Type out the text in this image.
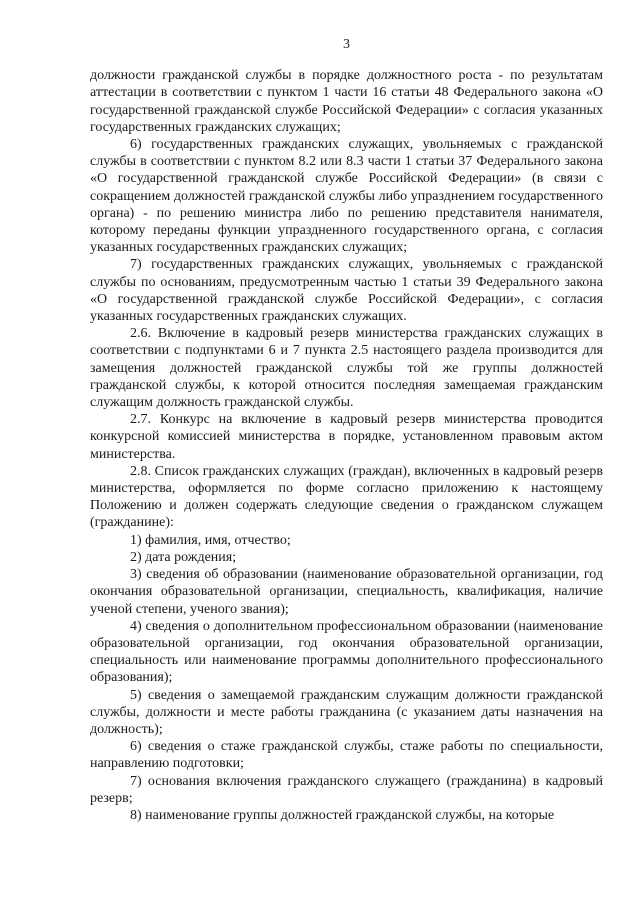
3

должности гражданской службы в порядке должностного роста - по результатам аттестации в соответствии с пунктом 1 части 16 статьи 48 Федерального закона «О государственной гражданской службе Российской Федерации» с согласия указанных государственных гражданских служащих;

6) государственных гражданских служащих, увольняемых с гражданской службы в соответствии с пунктом 8.2 или 8.3 части 1 статьи 37 Федерального закона «О государственной гражданской службе Российской Федерации» (в связи с сокращением должностей гражданской службы либо упразднением государственного органа) - по решению министра либо по решению представителя нанимателя, которому переданы функции упраздненного государственного органа, с согласия указанных государственных гражданских служащих;

7) государственных гражданских служащих, увольняемых с гражданской службы по основаниям, предусмотренным частью 1 статьи 39 Федерального закона «О государственной гражданской службе Российской Федерации», с согласия указанных государственных гражданских служащих.

2.6. Включение в кадровый резерв министерства гражданских служащих в соответствии с подпунктами 6 и 7 пункта 2.5 настоящего раздела производится для замещения должностей гражданской службы той же группы должностей гражданской службы, к которой относится последняя замещаемая гражданским служащим должность гражданской службы.

2.7. Конкурс на включение в кадровый резерв министерства проводится конкурсной комиссией министерства в порядке, установленном правовым актом министерства.

2.8. Список гражданских служащих (граждан), включенных в кадровый резерв министерства, оформляется по форме согласно приложению к настоящему Положению и должен содержать следующие сведения о гражданском служащем (гражданине):

1) фамилия, имя, отчество;

2) дата рождения;

3) сведения об образовании (наименование образовательной организации, год окончания образовательной организации, специальность, квалификация, наличие ученой степени, ученого звания);

4) сведения о дополнительном профессиональном образовании (наименование образовательной организации, год окончания образовательной организации, специальность или наименование программы дополнительного профессионального образования);

5) сведения о замещаемой гражданским служащим должности гражданской службы, должности и месте работы гражданина (с указанием даты назначения на должность);

6) сведения о стаже гражданской службы, стаже работы по специальности, направлению подготовки;

7) основания включения гражданского служащего (гражданина) в кадровый резерв;

8) наименование группы должностей гражданской службы, на которые
